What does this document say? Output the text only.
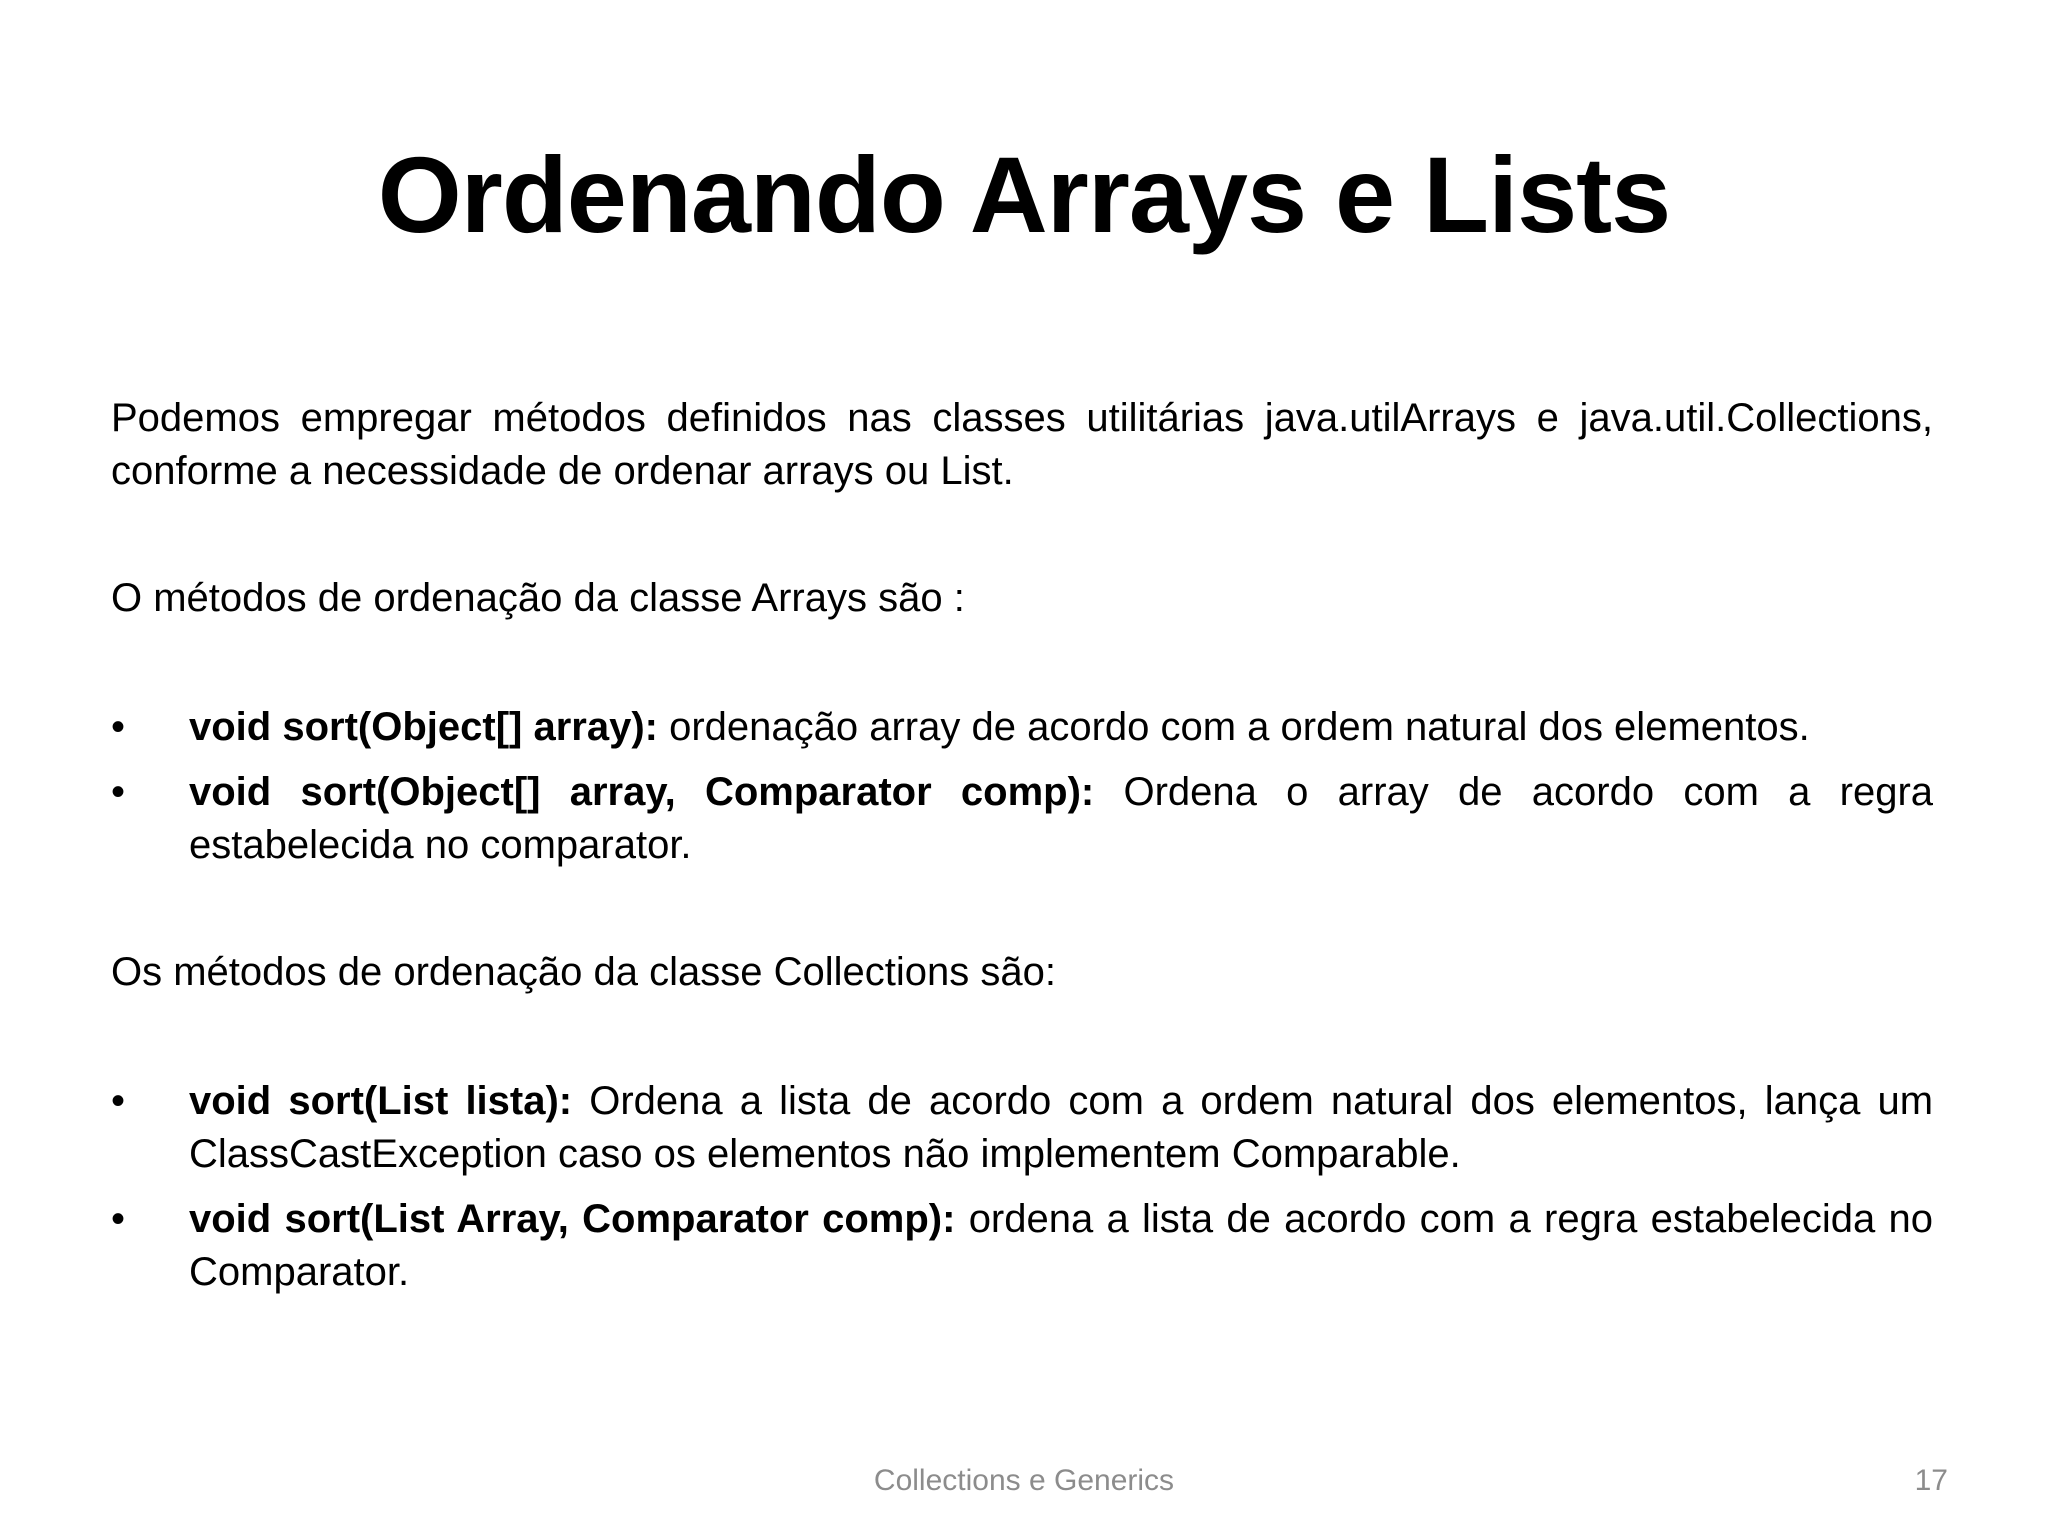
Ordenando Arrays e Lists

Podemos empregar métodos definidos nas classes utilitárias java.utilArrays e java.util.Collections, conforme a necessidade de ordenar arrays ou List.

O métodos de ordenação da classe Arrays são :

•	void sort(Object[] array): ordenação array de acordo com a ordem natural dos elementos.
•	void sort(Object[] array, Comparator comp): Ordena o array de acordo com a regra estabelecida no comparator.

Os métodos de ordenação da classe Collections são:

•	void sort(List lista): Ordena a lista de acordo com a ordem natural dos elementos, lança um ClassCastException caso os elementos não implementem Comparable.
•	void sort(List Array, Comparator comp): ordena a lista de acordo com a regra estabelecida no Comparator.
Collections e Generics	17
